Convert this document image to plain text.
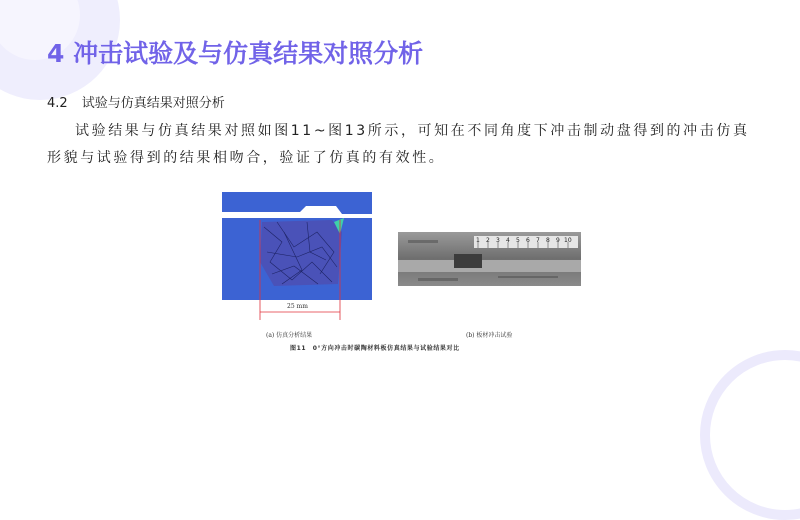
4 冲击试验及与仿真结果对照分析
4.2 试验与仿真结果对照分析
试验结果与仿真结果对照如图11~图13所示，可知在不同角度下冲击制动盘得到的冲击仿真形貌与试验得到的结果相吻合，验证了仿真的有效性。
25 mm
1 2 3 4 5 6 7 8 9 10
(a) 仿真分析结果	(b) 板材冲击试验
图11　0°方向冲击时碳陶材料板仿真结果与试验结果对比
